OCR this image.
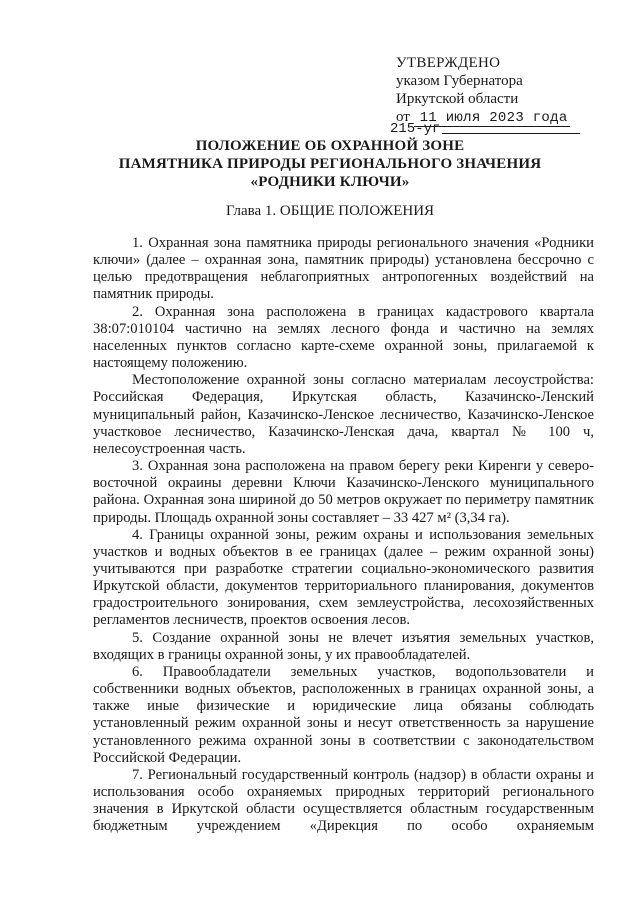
УТВЕРЖДЕНО
указом Губернатора
Иркутской области
от 11 июля 2023 года
215-уг
ПОЛОЖЕНИЕ ОБ ОХРАННОЙ ЗОНЕ
ПАМЯТНИКА ПРИРОДЫ РЕГИОНАЛЬНОГО ЗНАЧЕНИЯ
«РОДНИКИ КЛЮЧИ»
Глава 1. ОБЩИЕ ПОЛОЖЕНИЯ

1. Охранная зона памятника природы регионального значения «Родники ключи» (далее – охранная зона, памятник природы) установлена бессрочно с целью предотвращения неблагоприятных антропогенных воздействий на памятник природы.

2. Охранная зона расположена в границах кадастрового квартала 38:07:010104 частично на землях лесного фонда и частично на землях населенных пунктов согласно карте-схеме охранной зоны, прилагаемой к настоящему положению.

Местоположение охранной зоны согласно материалам лесоустройства: Российская Федерация, Иркутская область, Казачинско-Ленский муниципальный район, Казачинско-Ленское лесничество, Казачинско-Ленское участковое лесничество, Казачинско-Ленская дача, квартал № 100 ч, нелесоустроенная часть.

3. Охранная зона расположена на правом берегу реки Киренги у северо-восточной окраины деревни Ключи Казачинско-Ленского муниципального района. Охранная зона шириной до 50 метров окружает по периметру памятник природы. Площадь охранной зоны составляет – 33 427 м² (3,34 га).

4. Границы охранной зоны, режим охраны и использования земельных участков и водных объектов в ее границах (далее – режим охранной зоны) учитываются при разработке стратегии социально-экономического развития Иркутской области, документов территориального планирования, документов градостроительного зонирования, схем землеустройства, лесохозяйственных регламентов лесничеств, проектов освоения лесов.

5. Создание охранной зоны не влечет изъятия земельных участков, входящих в границы охранной зоны, у их правообладателей.

6. Правообладатели земельных участков, водопользователи и собственники водных объектов, расположенных в границах охранной зоны, а также иные физические и юридические лица обязаны соблюдать установленный режим охранной зоны и несут ответственность за нарушение установленного режима охранной зоны в соответствии с законодательством Российской Федерации.

7. Региональный государственный контроль (надзор) в области охраны и использования особо охраняемых природных территорий регионального значения в Иркутской области осуществляется областным государственным бюджетным учреждением «Дирекция по особо охраняемым
